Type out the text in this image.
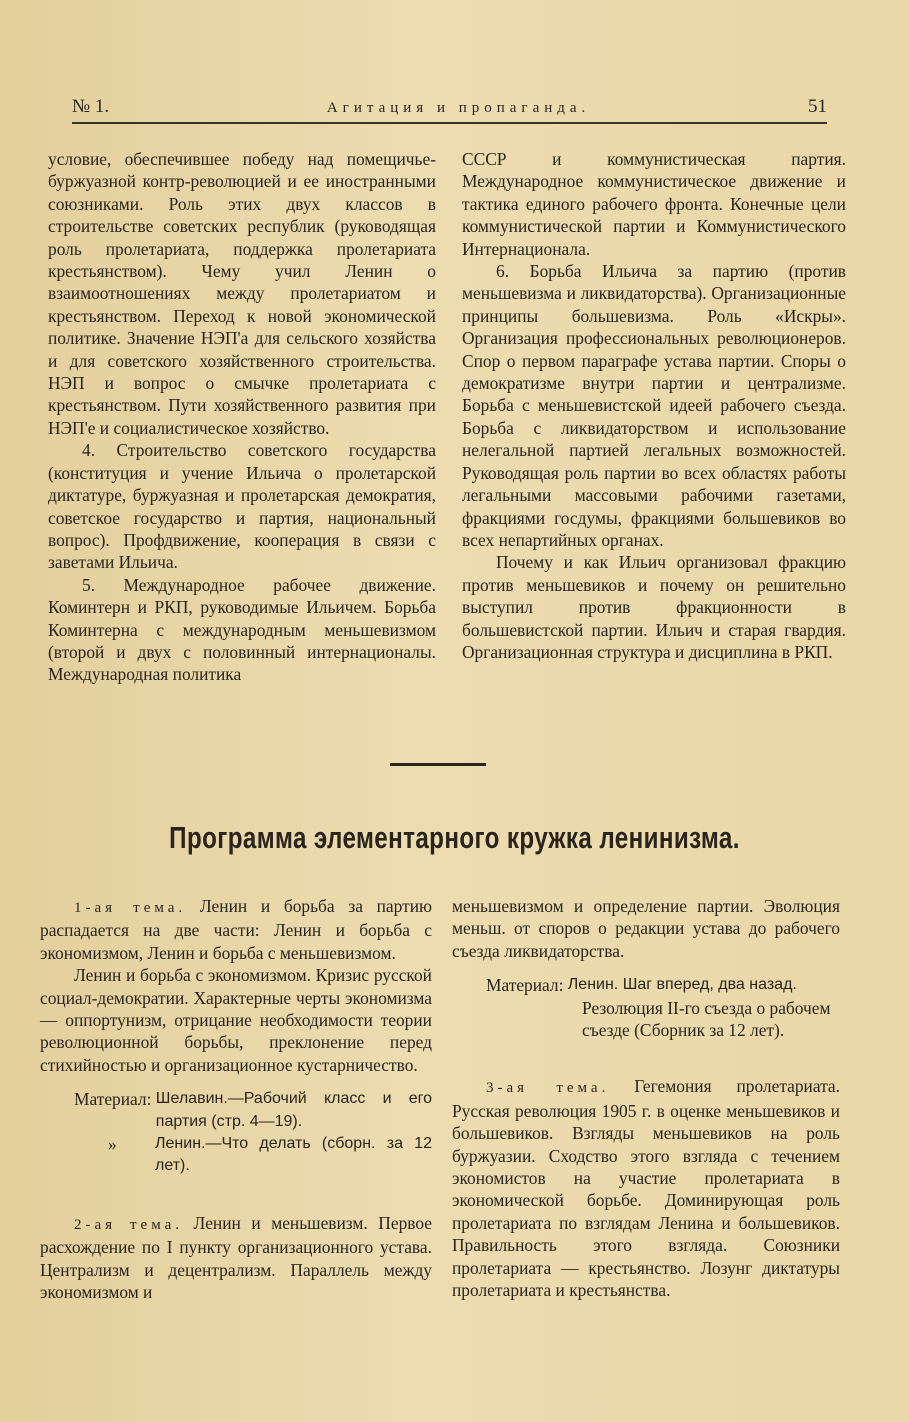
№ 1.	Агитация и пропаганда.	51

условие, обеспечившее победу над помещичье-буржуазной контр-революцией и ее иностранными союзниками. Роль этих двух классов в строительстве советских республик (руководящая роль пролетариата, поддержка пролетариата крестьянством). Чему учил Ленин о взаимоотношениях между пролетариатом и крестьянством. Переход к новой экономической политике. Значение НЭП'а для сельского хозяйства и для советского хозяйственного строительства. НЭП и вопрос о смычке пролетариата с крестьянством. Пути хозяйственного развития при НЭП'е и социалистическое хозяйство.

4. Строительство советского государства (конституция и учение Ильича о пролетарской диктатуре, буржуазная и пролетарская демократия, советское государство и партия, национальный вопрос). Профдвижение, кооперация в связи с заветами Ильича.

5. Международное рабочее движение. Коминтерн и РКП, руководимые Ильичем. Борьба Коминтерна с международным меньшевизмом (второй и двух с половинный интернационалы. Международная политика

СССР и коммунистическая партия. Международное коммунистическое движение и тактика единого рабочего фронта. Конечные цели коммунистической партии и Коммунистического Интернационала.

6. Борьба Ильича за партию (против меньшевизма и ликвидаторства). Организационные принципы большевизма. Роль «Искры». Организация профессиональных революционеров. Спор о первом параграфе устава партии. Споры о демократизме внутри партии и централизме. Борьба с меньшевистской идеей рабочего съезда. Борьба с ликвидаторством и использование нелегальной партией легальных возможностей. Руководящая роль партии во всех областях работы легальными массовыми рабочими газетами, фракциями госдумы, фракциями большевиков во всех непартийных органах.

Почему и как Ильич организовал фракцию против меньшевиков и почему он решительно выступил против фракционности в большевистской партии. Ильич и старая гвардия. Организационная структура и дисциплина в РКП.

Программа элементарного кружка ленинизма.

1-ая тема. Ленин и борьба за партию распадается на две части: Ленин и борьба с экономизмом, Ленин и борьба с меньшевизмом.

Ленин и борьба с экономизмом. Кризис русской социал-демократии. Характерные черты экономизма — оппортунизм, отрицание необходимости теории революционной борьбы, преклонение перед стихийностью и организационное кустарничество.

Материал:
Шелавин.—Рабочий класс и его партия (стр. 4—19).
»
	Ленин.—Что делать (сборн. за 12 лет).

2-ая тема. Ленин и меньшевизм. Первое расхождение по I пункту организационного устава. Централизм и децентрализм. Параллель между экономизмом и

меньшевизмом и определение партии. Эволюция меньш. от споров о редакции устава до рабочего съезда ликвидаторства.

Материал:
Ленин. Шаг вперед, два назад.
Резолюция II-го съезда о рабочем съезде (Сборник за 12 лет).

3-ая тема. Гегемония пролетариата. Русская революция 1905 г. в оценке меньшевиков и большевиков. Взгляды меньшевиков на роль буржуазии. Сходство этого взгляда с течением экономистов на участие пролетариата в экономической борьбе. Доминирующая роль пролетариата по взглядам Ленина и большевиков. Правильность этого взгляда. Союзники пролетариата — крестьянство. Лозунг диктатуры пролетариата и крестьянства.
